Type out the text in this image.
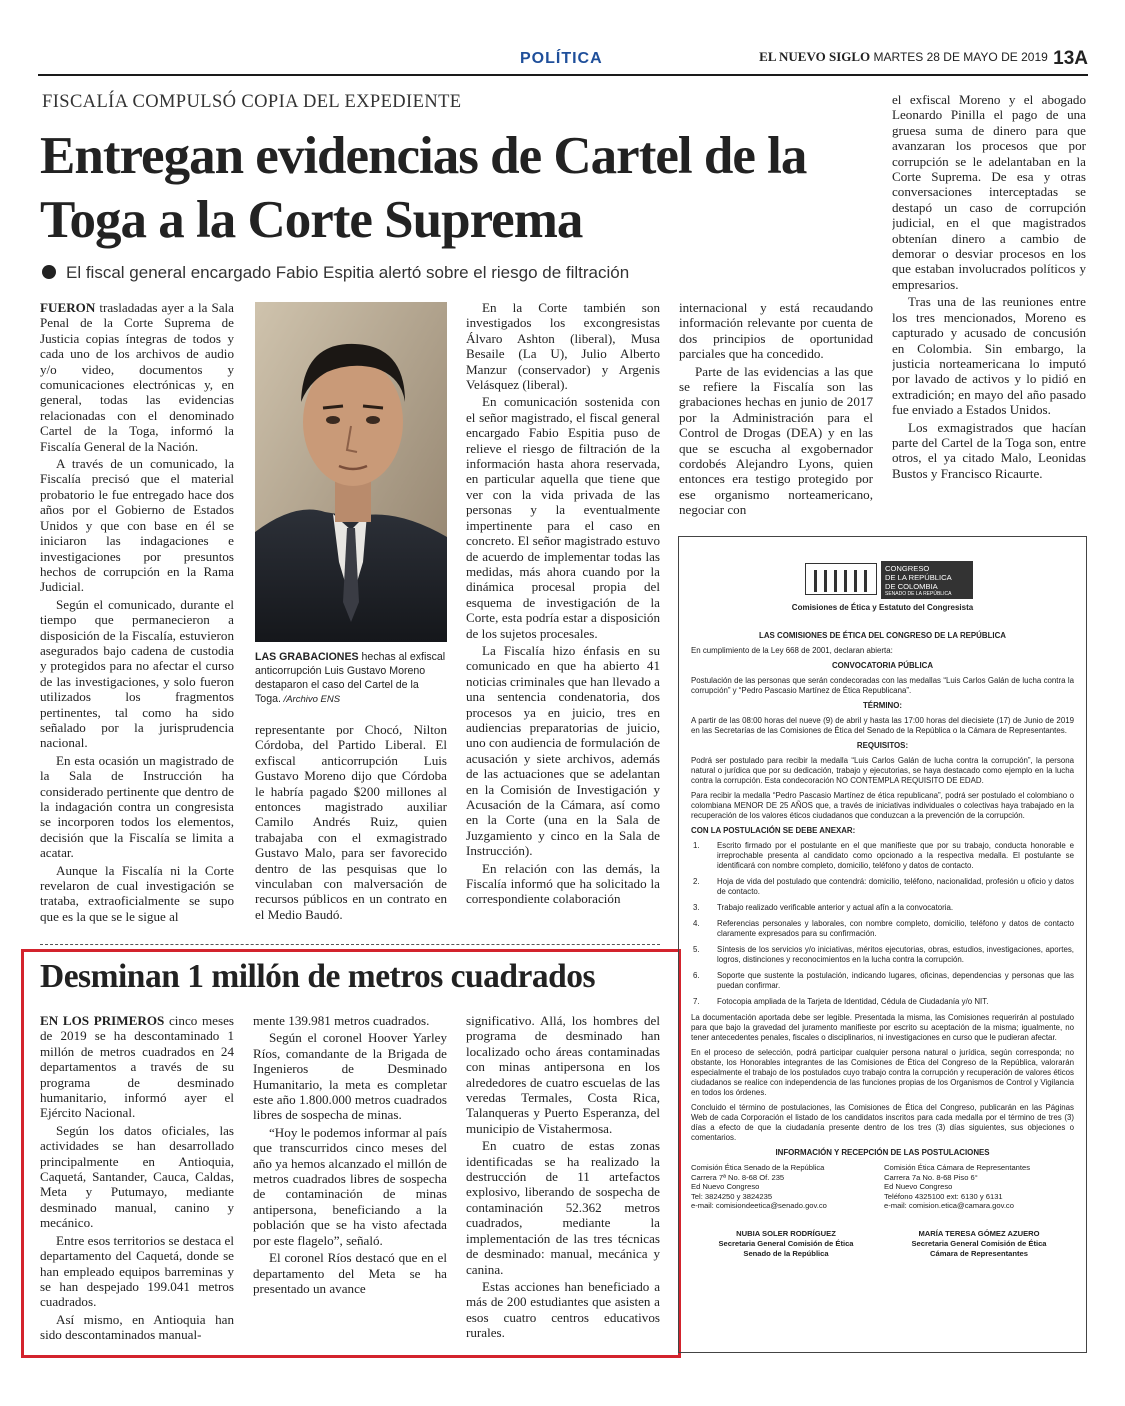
POLÍTICA	EL NUEVO SIGLO MARTES 28 DE MAYO DE 2019 13A
FISCALÍA COMPULSÓ COPIA DEL EXPEDIENTE
Entregan evidencias de Cartel de la Toga a la Corte Suprema
El fiscal general encargado Fabio Espitia alertó sobre el riesgo de filtración

FUERON trasladadas ayer a la Sala Penal de la Corte Suprema de Justicia copias íntegras de todos y cada uno de los archivos de audio y/o video, documentos y comunicaciones electrónicas y, en general, todas las evidencias relacionadas con el denominado Cartel de la Toga, informó la Fiscalía General de la Nación.

A través de un comunicado, la Fiscalía precisó que el material probatorio le fue entregado hace dos años por el Gobierno de Estados Unidos y que con base en él se iniciaron las indagaciones e investigaciones por presuntos hechos de corrupción en la Rama Judicial.

Según el comunicado, durante el tiempo que permanecieron a disposición de la Fiscalía, estuvieron asegurados bajo cadena de custodia y protegidos para no afectar el curso de las investigaciones, y solo fueron utilizados los fragmentos pertinentes, tal como ha sido señalado por la jurisprudencia nacional.

En esta ocasión un magistrado de la Sala de Instrucción ha considerado pertinente que dentro de la indagación contra un congresista se incorporen todos los elementos, decisión que la Fiscalía se limita a acatar.

Aunque la Fiscalía ni la Corte revelaron de cual investigación se trataba, extraoficialmente se supo que es la que se le sigue al

LAS GRABACIONES hechas al exfiscal anticorrupción Luis Gustavo Moreno destaparon el caso del Cartel de la Toga. /Archivo ENS

representante por Chocó, Nilton Córdoba, del Partido Liberal. El exfiscal anticorrupción Luis Gustavo Moreno dijo que Córdoba le habría pagado $200 millones al entonces magistrado auxiliar Camilo Andrés Ruiz, quien trabajaba con el exmagistrado Gustavo Malo, para ser favorecido dentro de las pesquisas que lo vinculaban con malversación de recursos públicos en un contrato en el Medio Baudó.

En la Corte también son investigados los excongresistas Álvaro Ashton (liberal), Musa Besaile (La U), Julio Alberto Manzur (conservador) y Argenis Velásquez (liberal).

En comunicación sostenida con el señor magistrado, el fiscal general encargado Fabio Espitia puso de relieve el riesgo de filtración de la información hasta ahora reservada, en particular aquella que tiene que ver con la vida privada de las personas y la eventualmente impertinente para el caso en concreto. El señor magistrado estuvo de acuerdo de implementar todas las medidas, más ahora cuando por la dinámica procesal propia del esquema de investigación de la Corte, esta podría estar a disposición de los sujetos procesales.

La Fiscalía hizo énfasis en su comunicado en que ha abierto 41 noticias criminales que han llevado a una sentencia condenatoria, dos procesos ya en juicio, tres en audiencias preparatorias de juicio, uno con audiencia de formulación de acusación y siete archivos, además de las actuaciones que se adelantan en la Comisión de Investigación y Acusación de la Cámara, así como en la Corte (una en la Sala de Juzgamiento y cinco en la Sala de Instrucción).

En relación con las demás, la Fiscalía informó que ha solicitado la correspondiente colaboración

internacional y está recaudando información relevante por cuenta de dos principios de oportunidad parciales que ha concedido.

Parte de las evidencias a las que se refiere la Fiscalía son las grabaciones hechas en junio de 2017 por la Administración para el Control de Drogas (DEA) y en las que se escucha al exgobernador cordobés Alejandro Lyons, quien entonces era testigo protegido por ese organismo norteamericano, negociar con

el exfiscal Moreno y el abogado Leonardo Pinilla el pago de una gruesa suma de dinero para que avanzaran los procesos que por corrupción se le adelantaban en la Corte Suprema. De esa y otras conversaciones interceptadas se destapó un caso de corrupción judicial, en el que magistrados obtenían dinero a cambio de demorar o desviar procesos en los que estaban involucrados políticos y empresarios.

Tras una de las reuniones entre los tres mencionados, Moreno es capturado y acusado de concusión en Colombia. Sin embargo, la justicia norteamericana lo imputó por lavado de activos y lo pidió en extradición; en mayo del año pasado fue enviado a Estados Unidos.

Los exmagistrados que hacían parte del Cartel de la Toga son, entre otros, el ya citado Malo, Leonidas Bustos y Francisco Ricaurte.

Desminan 1 millón de metros cuadrados

EN LOS PRIMEROS cinco meses de 2019 se ha descontaminado 1 millón de metros cuadrados en 24 departamentos a través de su programa de desminado humanitario, informó ayer el Ejército Nacional.

Según los datos oficiales, las actividades se han desarrollado principalmente en Antioquia, Caquetá, Santander, Cauca, Caldas, Meta y Putumayo, mediante desminado manual, canino y mecánico.

Entre esos territorios se destaca el departamento del Caquetá, donde se han empleado equipos barreminas y se han despejado 199.041 metros cuadrados.

Así mismo, en Antioquia han sido descontaminados manual-

mente 139.981 metros cuadrados.

Según el coronel Hoover Yarley Ríos, comandante de la Brigada de Ingenieros de Desminado Humanitario, la meta es completar este año 1.800.000 metros cuadrados libres de sospecha de minas.

“Hoy le podemos informar al país que transcurridos cinco meses del año ya hemos alcanzado el millón de metros cuadrados libres de sospecha de contaminación de minas antipersona, beneficiando a la población que se ha visto afectada por este flagelo”, señaló.

El coronel Ríos destacó que en el departamento del Meta se ha presentado un avance

significativo. Allá, los hombres del programa de desminado han localizado ocho áreas contaminadas con minas antipersona en los alrededores de cuatro escuelas de las veredas Termales, Costa Rica, Talanqueras y Puerto Esperanza, del municipio de Vistahermosa.

En cuatro de estas zonas identificadas se ha realizado la destrucción de 11 artefactos explosivo, liberando de sospecha de contaminación 52.362 metros cuadrados, mediante la implementación de las tres técnicas de desminado: manual, mecánica y canina.

Estas acciones han beneficiado a más de 200 estudiantes que asisten a esos cuatro centros educativos rurales.

CONGRESO
DE LA REPÚBLICA
DE COLOMBIA
SENADO DE LA REPÚBLICA
Comisiones de Ética y Estatuto del Congresista

LAS COMISIONES DE ÉTICA DEL CONGRESO DE LA REPÚBLICA

En cumplimiento de la Ley 668 de 2001, declaran abierta:

CONVOCATORIA PÚBLICA

Postulación de las personas que serán condecoradas con las medallas “Luis Carlos Galán de lucha contra la corrupción” y “Pedro Pascasio Martínez de Ética Republicana”.

TÉRMINO:

A partir de las 08:00 horas del nueve (9) de abril y hasta las 17:00 horas del diecisiete (17) de Junio de 2019 en las Secretarías de las Comisiones de Ética del Senado de la República o la Cámara de Representantes.

REQUISITOS:

Podrá ser postulado para recibir la medalla “Luis Carlos Galán de lucha contra la corrupción”, la persona natural o jurídica que por su dedicación, trabajo y ejecutorias, se haya destacado como ejemplo en la lucha contra la corrupción. Esta condecoración NO CONTEMPLA REQUISITO DE EDAD.

Para recibir la medalla “Pedro Pascasio Martínez de ética republicana”, podrá ser postulado el colombiano o colombiana MENOR DE 25 AÑOS que, a través de iniciativas individuales o colectivas haya trabajado en la recuperación de los valores éticos ciudadanos que conduzcan a la prevención de la corrupción.

CON LA POSTULACIÓN SE DEBE ANEXAR:

1. Escrito firmado por el postulante en el que manifieste que por su trabajo, conducta honorable e irreprochable presenta al candidato como opcionado a la respectiva medalla. El postulante se identificará con nombre completo, domicilio, teléfono y datos de contacto.
2. Hoja de vida del postulado que contendrá: domicilio, teléfono, nacionalidad, profesión u oficio y datos de contacto.
3. Trabajo realizado verificable anterior y actual afín a la convocatoria.
4. Referencias personales y laborales, con nombre completo, domicilio, teléfono y datos de contacto claramente expresados para su confirmación.
5. Síntesis de los servicios y/o iniciativas, méritos ejecutorias, obras, estudios, investigaciones, aportes, logros, distinciones y reconocimientos en la lucha contra la corrupción.
6. Soporte que sustente la postulación, indicando lugares, oficinas, dependencias y personas que las puedan confirmar.
7. Fotocopia ampliada de la Tarjeta de Identidad, Cédula de Ciudadanía y/o NIT.

La documentación aportada debe ser legible. Presentada la misma, las Comisiones requerirán al postulado para que bajo la gravedad del juramento manifieste por escrito su aceptación de la misma; igualmente, no tener antecedentes penales, fiscales o disciplinarios, ni investigaciones en curso que le pudieran afectar.

En el proceso de selección, podrá participar cualquier persona natural o jurídica, según corresponda; no obstante, los Honorables integrantes de las Comisiones de Ética del Congreso de la República, valorarán especialmente el trabajo de los postulados cuyo trabajo contra la corrupción y recuperación de valores éticos ciudadanos se realice con independencia de las funciones propias de los Organismos de Control y Vigilancia en todos los órdenes.

Concluido el término de postulaciones, las Comisiones de Ética del Congreso, publicarán en las Páginas Web de cada Corporación el listado de los candidatos inscritos para cada medalla por el término de tres (3) días a efecto de que la ciudadanía presente dentro de los tres (3) días siguientes, sus objeciones o comentarios.

INFORMACIÓN Y RECEPCIÓN DE LAS POSTULACIONES

Comisión Ética Senado de la República
Carrera 7ª No. 8-68 Of. 235
Ed Nuevo Congreso
Tel: 3824250 y 3824235
e-mail: comisiondeetica@senado.gov.co
Comisión Ética Cámara de Representantes
Carrera 7a No. 8-68 Piso 6°
Ed Nuevo Congreso
Teléfono 4325100 ext: 6130 y 6131
e-mail: comision.etica@camara.gov.co
NUBIA SOLER RODRÍGUEZ
Secretaria General Comisión de Ética
Senado de la República
MARÍA TERESA GÓMEZ AZUERO
Secretaria General Comisión de Ética
Cámara de Representantes
